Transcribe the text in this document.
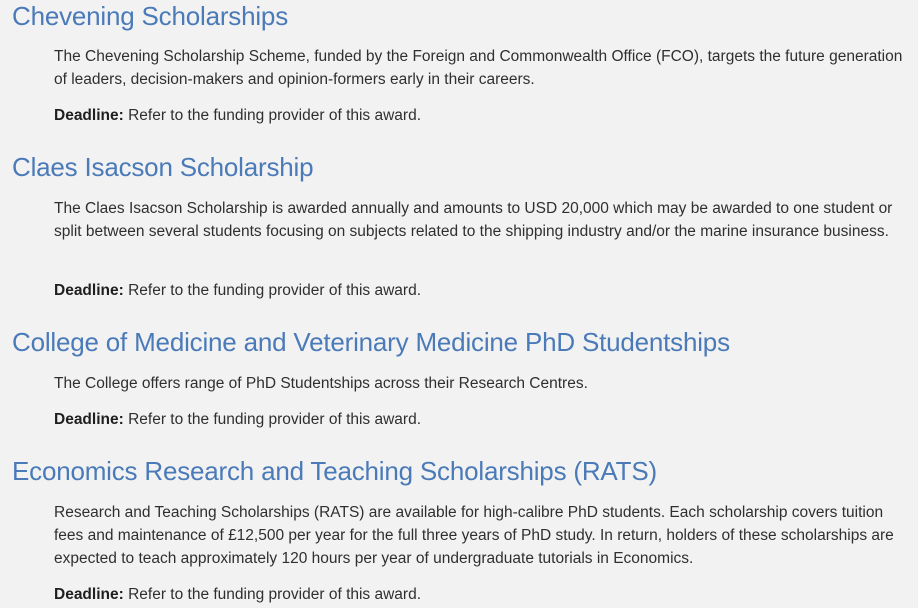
Chevening Scholarships

The Chevening Scholarship Scheme, funded by the Foreign and Commonwealth Office (FCO), targets the future generation of leaders, decision-makers and opinion-formers early in their careers.

Deadline: Refer to the funding provider of this award.

Claes Isacson Scholarship

The Claes Isacson Scholarship is awarded annually and amounts to USD 20,000 which may be awarded to one student or split between several students focusing on subjects related to the shipping industry and/or the marine insurance business.

Deadline: Refer to the funding provider of this award.

College of Medicine and Veterinary Medicine PhD Studentships

The College offers range of PhD Studentships across their Research Centres.

Deadline: Refer to the funding provider of this award.

Economics Research and Teaching Scholarships (RATS)

Research and Teaching Scholarships (RATS) are available for high-calibre PhD students. Each scholarship covers tuition fees and maintenance of £12,500 per year for the full three years of PhD study. In return, holders of these scholarships are expected to teach approximately 120 hours per year of undergraduate tutorials in Economics.

Deadline: Refer to the funding provider of this award.
